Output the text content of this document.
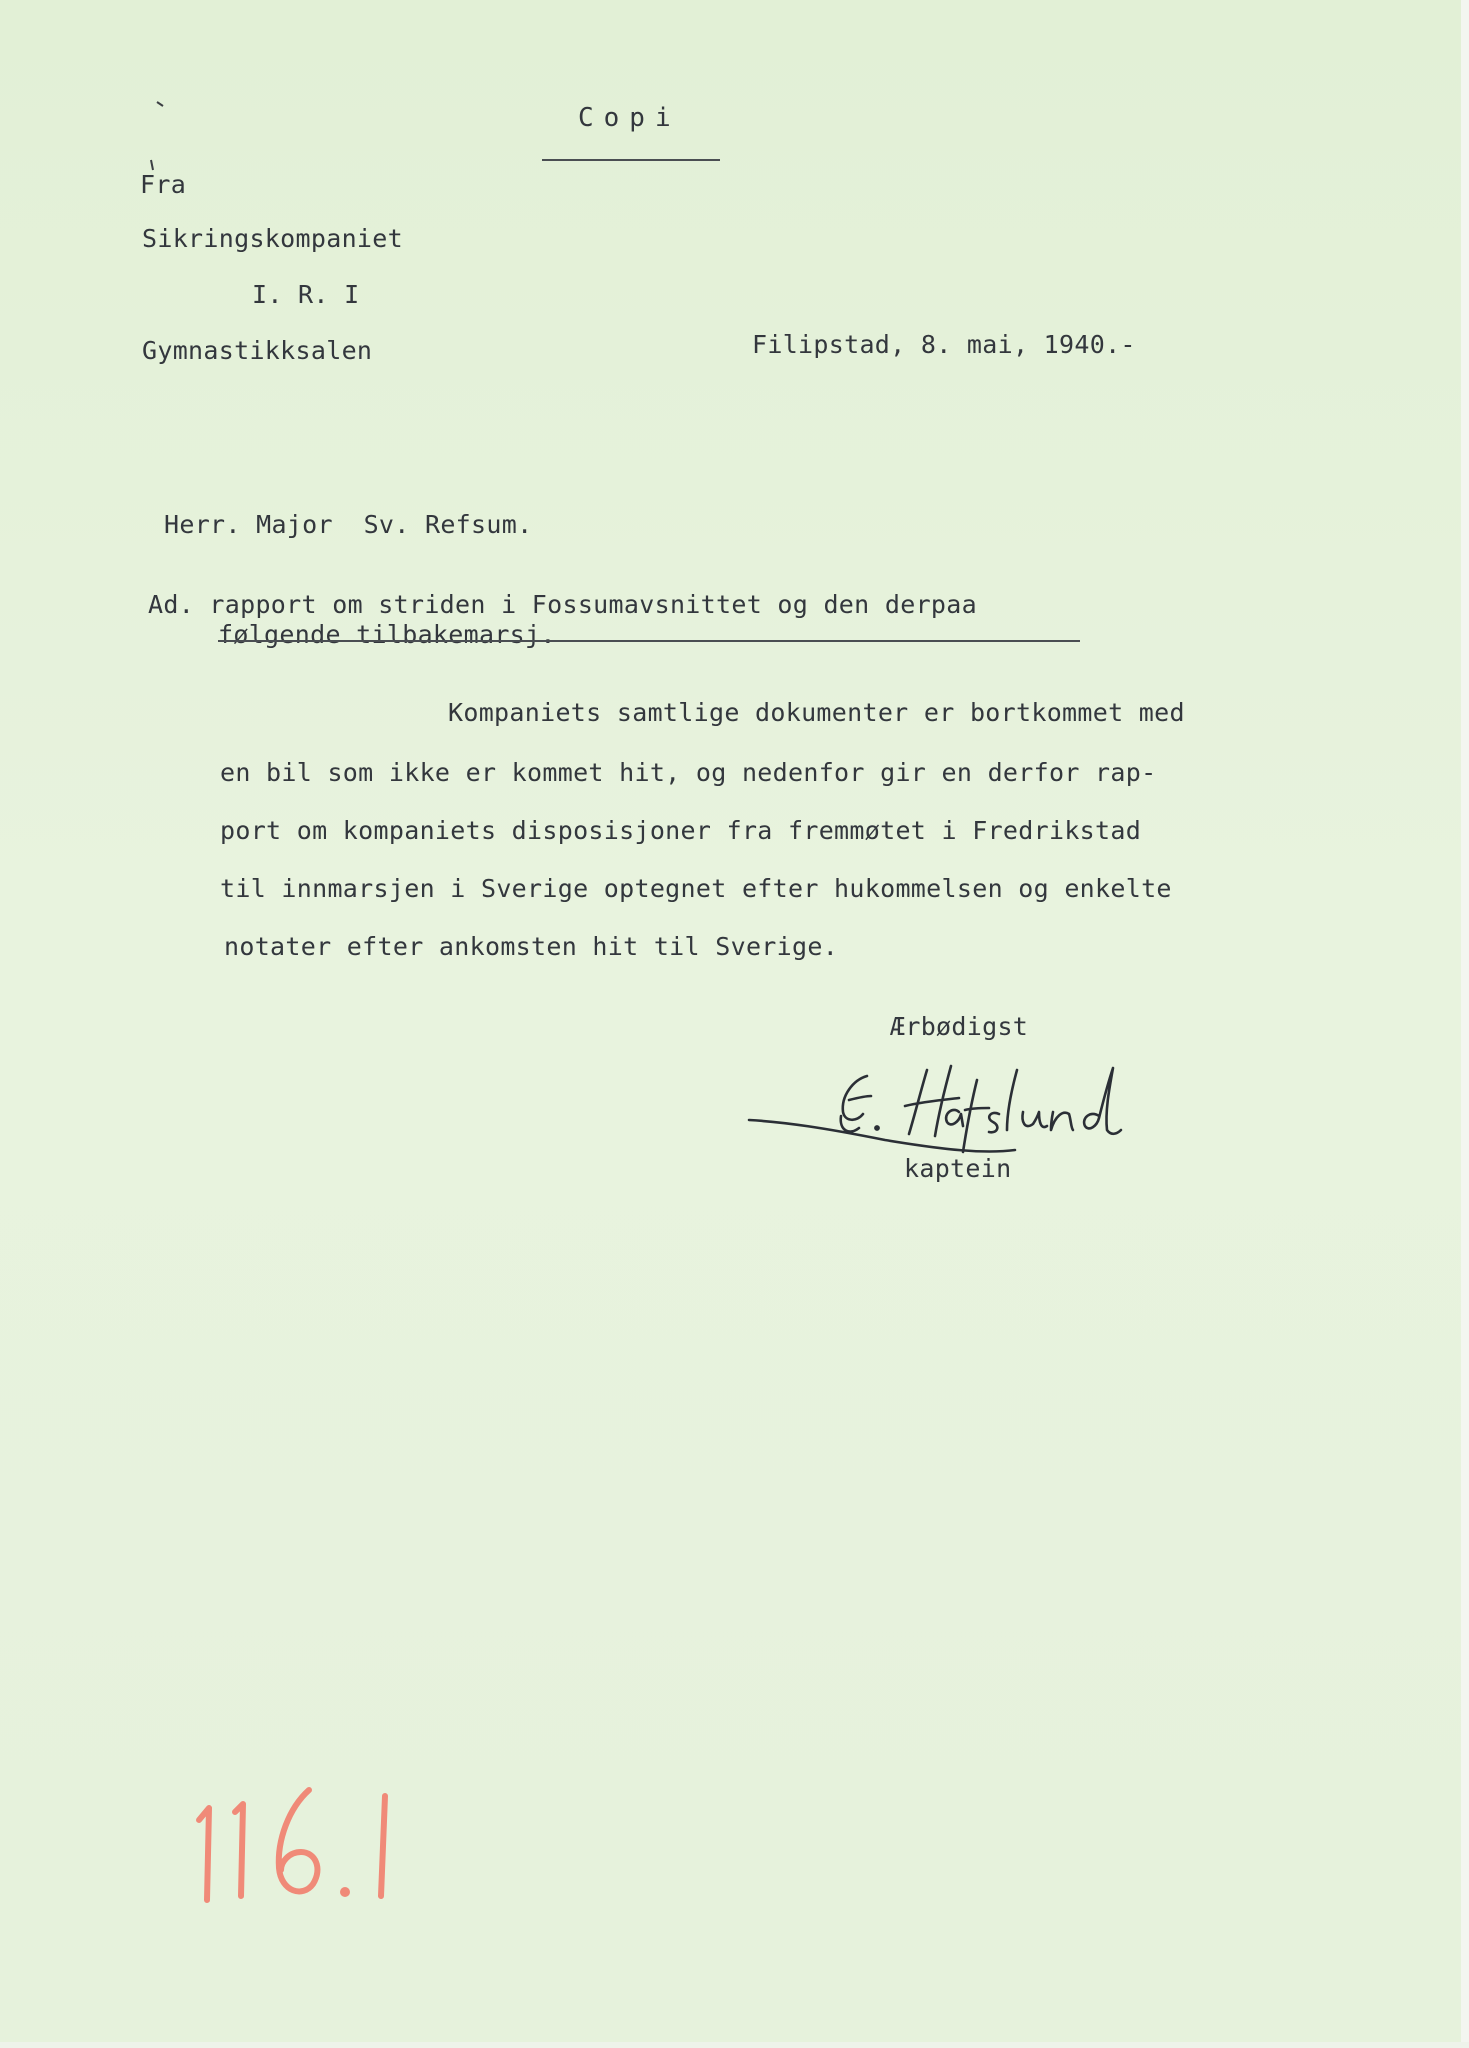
Copi
Fra
Sikringskompaniet
I. R. I
Gymnastikksalen	Filipstad, 8. mai, 1940.-
Herr. Major  Sv. Refsum.
Ad. rapport om striden i Fossumavsnittet og den derpaa
følgende tilbakemarsj.
Kompaniets samtlige dokumenter er bortkommet med
en bil som ikke er kommet hit, og nedenfor gir en derfor rap-
port om kompaniets disposisjoner fra fremmøtet i Fredrikstad
til innmarsjen i Sverige optegnet efter hukommelsen og enkelte
notater efter ankomsten hit til Sverige.
Ærbødigst
kaptein
